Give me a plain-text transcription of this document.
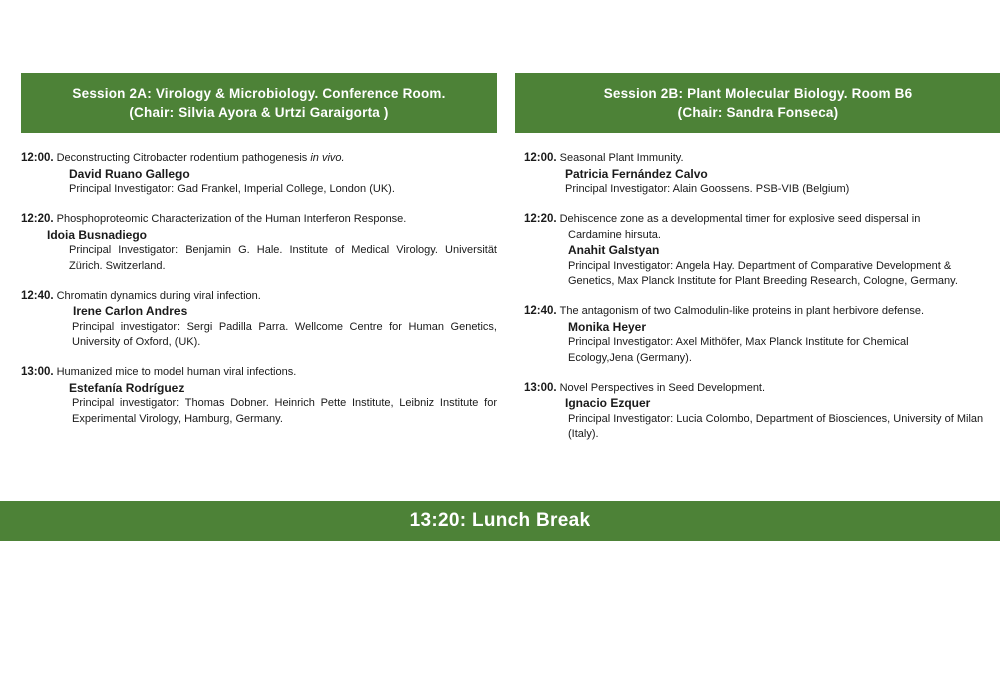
Session 2A: Virology & Microbiology. Conference Room.
(Chair: Silvia Ayora & Urtzi Garaigorta )
12:00. Deconstructing Citrobacter rodentium pathogenesis in vivo.
David Ruano Gallego
Principal Investigator: Gad Frankel, Imperial College, London (UK).
12:20. Phosphoproteomic Characterization of the Human Interferon Response.
Idoia Busnadiego
Principal Investigator: Benjamin G. Hale. Institute of Medical Virology. Universität Zürich. Switzerland.
12:40. Chromatin dynamics during viral infection.
Irene Carlon Andres
Principal investigator: Sergi Padilla Parra. Wellcome Centre for Human Genetics, University of Oxford, (UK).
13:00. Humanized mice to model human viral infections.
Estefanía Rodríguez
Principal investigator: Thomas Dobner. Heinrich Pette Institute, Leibniz Institute for Experimental Virology, Hamburg, Germany.
Session 2B: Plant Molecular Biology. Room B6
(Chair: Sandra Fonseca)
12:00. Seasonal Plant Immunity.
Patricia Fernández Calvo
Principal Investigator: Alain Goossens. PSB-VIB (Belgium)
12:20. Dehiscence zone as a developmental timer for explosive seed dispersal in
Cardamine hirsuta.
Anahit Galstyan
Principal Investigator: Angela Hay. Department of Comparative Development & Genetics, Max Planck Institute for Plant Breeding Research, Cologne, Germany.
12:40. The antagonism of two Calmodulin-like proteins in plant herbivore defense.
Monika Heyer
Principal Investigator: Axel Mithöfer, Max Planck Institute for Chemical Ecology,Jena (Germany).
13:00. Novel Perspectives in Seed Development.
Ignacio Ezquer
Principal Investigator: Lucia Colombo, Department of Biosciences, University of Milan (Italy).
13:20: Lunch Break
